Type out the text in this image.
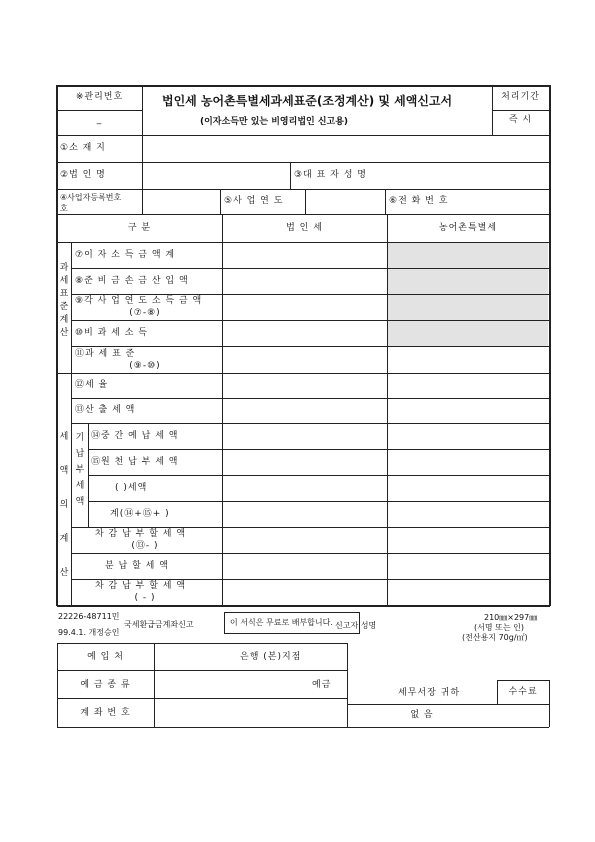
※관리번호
_
법인세 농어촌특별세과세표준(조정계산) 및 세액신고서
(이자소득만 있는 비영리법인 신고용)
처리기간
즉 시
①소 재 지
②법 인 명	③대 표 자 성 명
④사업자등록번호
호
⑤사 업 연 도	⑥전 화 번 호
구 분	법 인 세	농어촌특별세
과세표준계산
⑦이 자 소 득 금 액 계
⑧준 비 금 손 금 산 입 액
⑨각 사 업 연 도 소 득 금 액
(⑦-⑧)
⑩비 과 세 소 득
⑪과 세 표 준
(⑨-⑩)
세액의계산
기납부세액
⑫세 율
⑬산 출 세 액
⑭중 간 예 납 세 액
⑮원 천 납 부 세 액
( )세액
계(⑭+⑮+ )
차 감 납 부 할 세 액
(⑬- )
분 납 할 세 액
차 감 납 부 할 세 액
( - )
22226-48711민
99.4.1. 개정승인
국세환급금계좌신고	이 서식은 무료로 배부합니다. 신고자 성명
210㎜×297㎜
(서명 또는 인)
(전산용지 70g/㎡)
예 입 처	은행 (본)지점
예 금 종 류	예금
계 좌 번 호
세무서장 귀하	수수료
없 음
